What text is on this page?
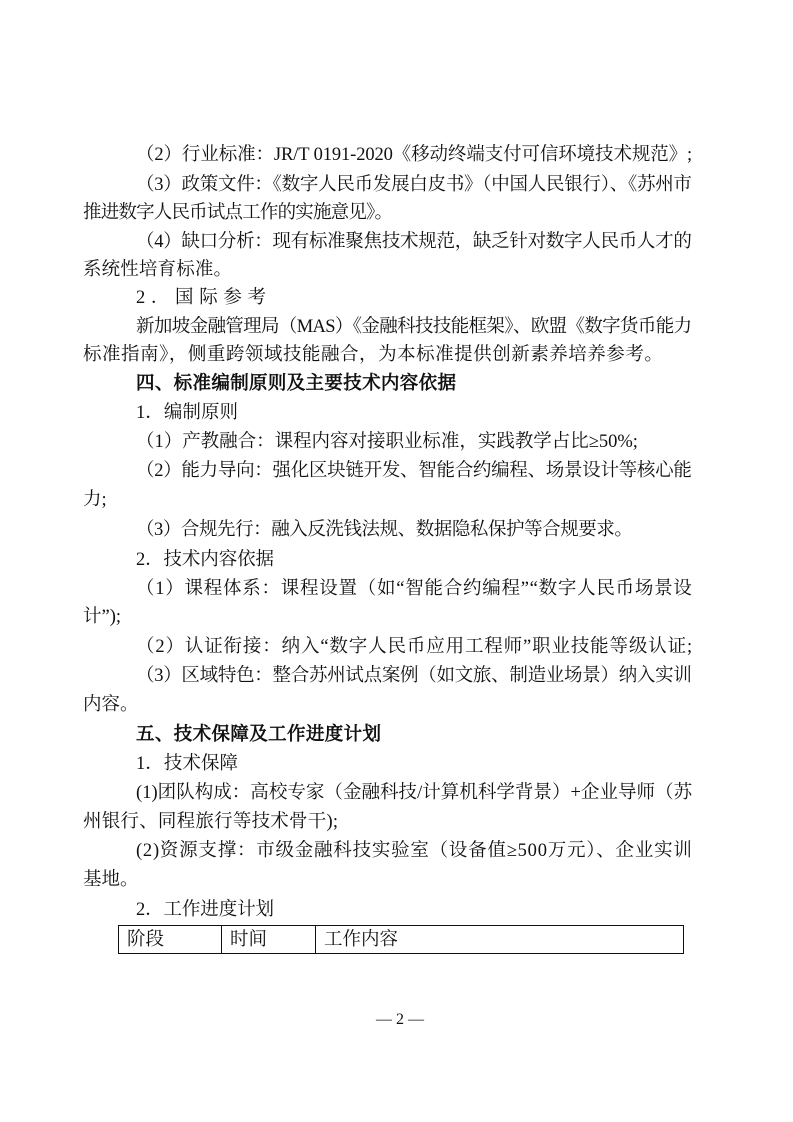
（2）行业标准：JR/T 0191-2020《移动终端支付可信环境技术规范》;
（3）政策文件：《数字人民币发展白皮书》（中国人民银行）、《苏州市
推进数字人民币试点工作的实施意见》。
（4）缺口分析：现有标准聚焦技术规范，缺乏针对数字人民币人才的
系统性培育标准。
2．国际参考
新加坡金融管理局（MAS）《金融科技技能框架》、欧盟《数字货币能力
标准指南》，侧重跨领域技能融合，为本标准提供创新素养培养参考。
四、标准编制原则及主要技术内容依据
1．编制原则
（1）产教融合：课程内容对接职业标准，实践教学占比≥50%;
（2）能力导向：强化区块链开发、智能合约编程、场景设计等核心能
力;
（3）合规先行：融入反洗钱法规、数据隐私保护等合规要求。
2．技术内容依据
（1）课程体系：课程设置（如“智能合约编程”“数字人民币场景设
计”);
（2）认证衔接：纳入“数字人民币应用工程师”职业技能等级认证;
（3）区域特色：整合苏州试点案例（如文旅、制造业场景）纳入实训
内容。
五、技术保障及工作进度计划
1．技术保障
(1)团队构成：高校专家（金融科技/计算机科学背景）+企业导师（苏
州银行、同程旅行等技术骨干);
(2)资源支撑：市级金融科技实验室（设备值≥500万元）、企业实训
基地。
2．工作进度计划
阶段	时间	工作内容
— 2 —
